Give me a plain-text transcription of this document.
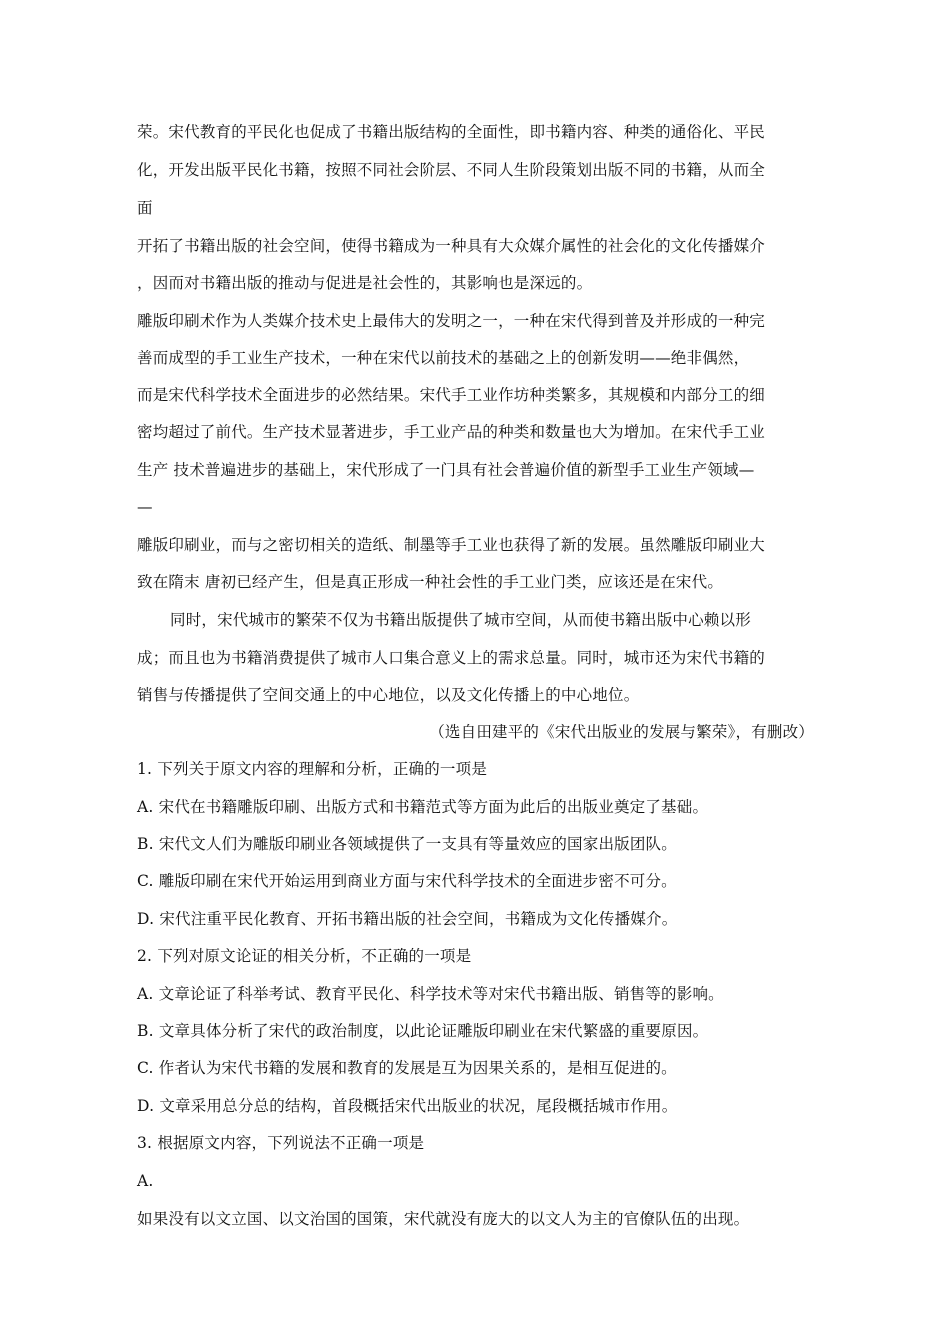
荣。宋代教育的平民化也促成了书籍出版结构的全面性，即书籍内容、种类的通俗化、平民
化，开发出版平民化书籍，按照不同社会阶层、不同人生阶段策划出版不同的书籍，从而全
面
开拓了书籍出版的社会空间，使得书籍成为一种具有大众媒介属性的社会化的文化传播媒介
，因而对书籍出版的推动与促进是社会性的，其影响也是深远的。
雕版印刷术作为人类媒介技术史上最伟大的发明之一，一种在宋代得到普及并形成的一种完
善而成型的手工业生产技术，一种在宋代以前技术的基础之上的创新发明——绝非偶然，
而是宋代科学技术全面进步的必然结果。宋代手工业作坊种类繁多，其规模和内部分工的细
密均超过了前代。生产技术显著进步，手工业产品的种类和数量也大为增加。在宋代手工业
生产 技术普遍进步的基础上，宋代形成了一门具有社会普遍价值的新型手工业生产领域—
—
雕版印刷业，而与之密切相关的造纸、制墨等手工业也获得了新的发展。虽然雕版印刷业大
致在隋末 唐初已经产生，但是真正形成一种社会性的手工业门类，应该还是在宋代。
同时，宋代城市的繁荣不仅为书籍出版提供了城市空间，从而使书籍出版中心赖以形
成；而且也为书籍消费提供了城市人口集合意义上的需求总量。同时，城市还为宋代书籍的
销售与传播提供了空间交通上的中心地位，以及文化传播上的中心地位。
（选自田建平的《宋代出版业的发展与繁荣》，有删改）
1. 下列关于原文内容的理解和分析，正确的一项是
A. 宋代在书籍雕版印刷、出版方式和书籍范式等方面为此后的出版业奠定了基础。
B. 宋代文人们为雕版印刷业各领域提供了一支具有等量效应的国家出版团队。
C. 雕版印刷在宋代开始运用到商业方面与宋代科学技术的全面进步密不可分。
D. 宋代注重平民化教育、开拓书籍出版的社会空间，书籍成为文化传播媒介。
2. 下列对原文论证的相关分析，不正确的一项是
A. 文章论证了科举考试、教育平民化、科学技术等对宋代书籍出版、销售等的影响。
B. 文章具体分析了宋代的政治制度，以此论证雕版印刷业在宋代繁盛的重要原因。
C. 作者认为宋代书籍的发展和教育的发展是互为因果关系的，是相互促进的。
D. 文章采用总分总的结构，首段概括宋代出版业的状况，尾段概括城市作用。
3. 根据原文内容，下列说法不正确一项是
A.
如果没有以文立国、以文治国的国策，宋代就没有庞大的以文人为主的官僚队伍的出现。
